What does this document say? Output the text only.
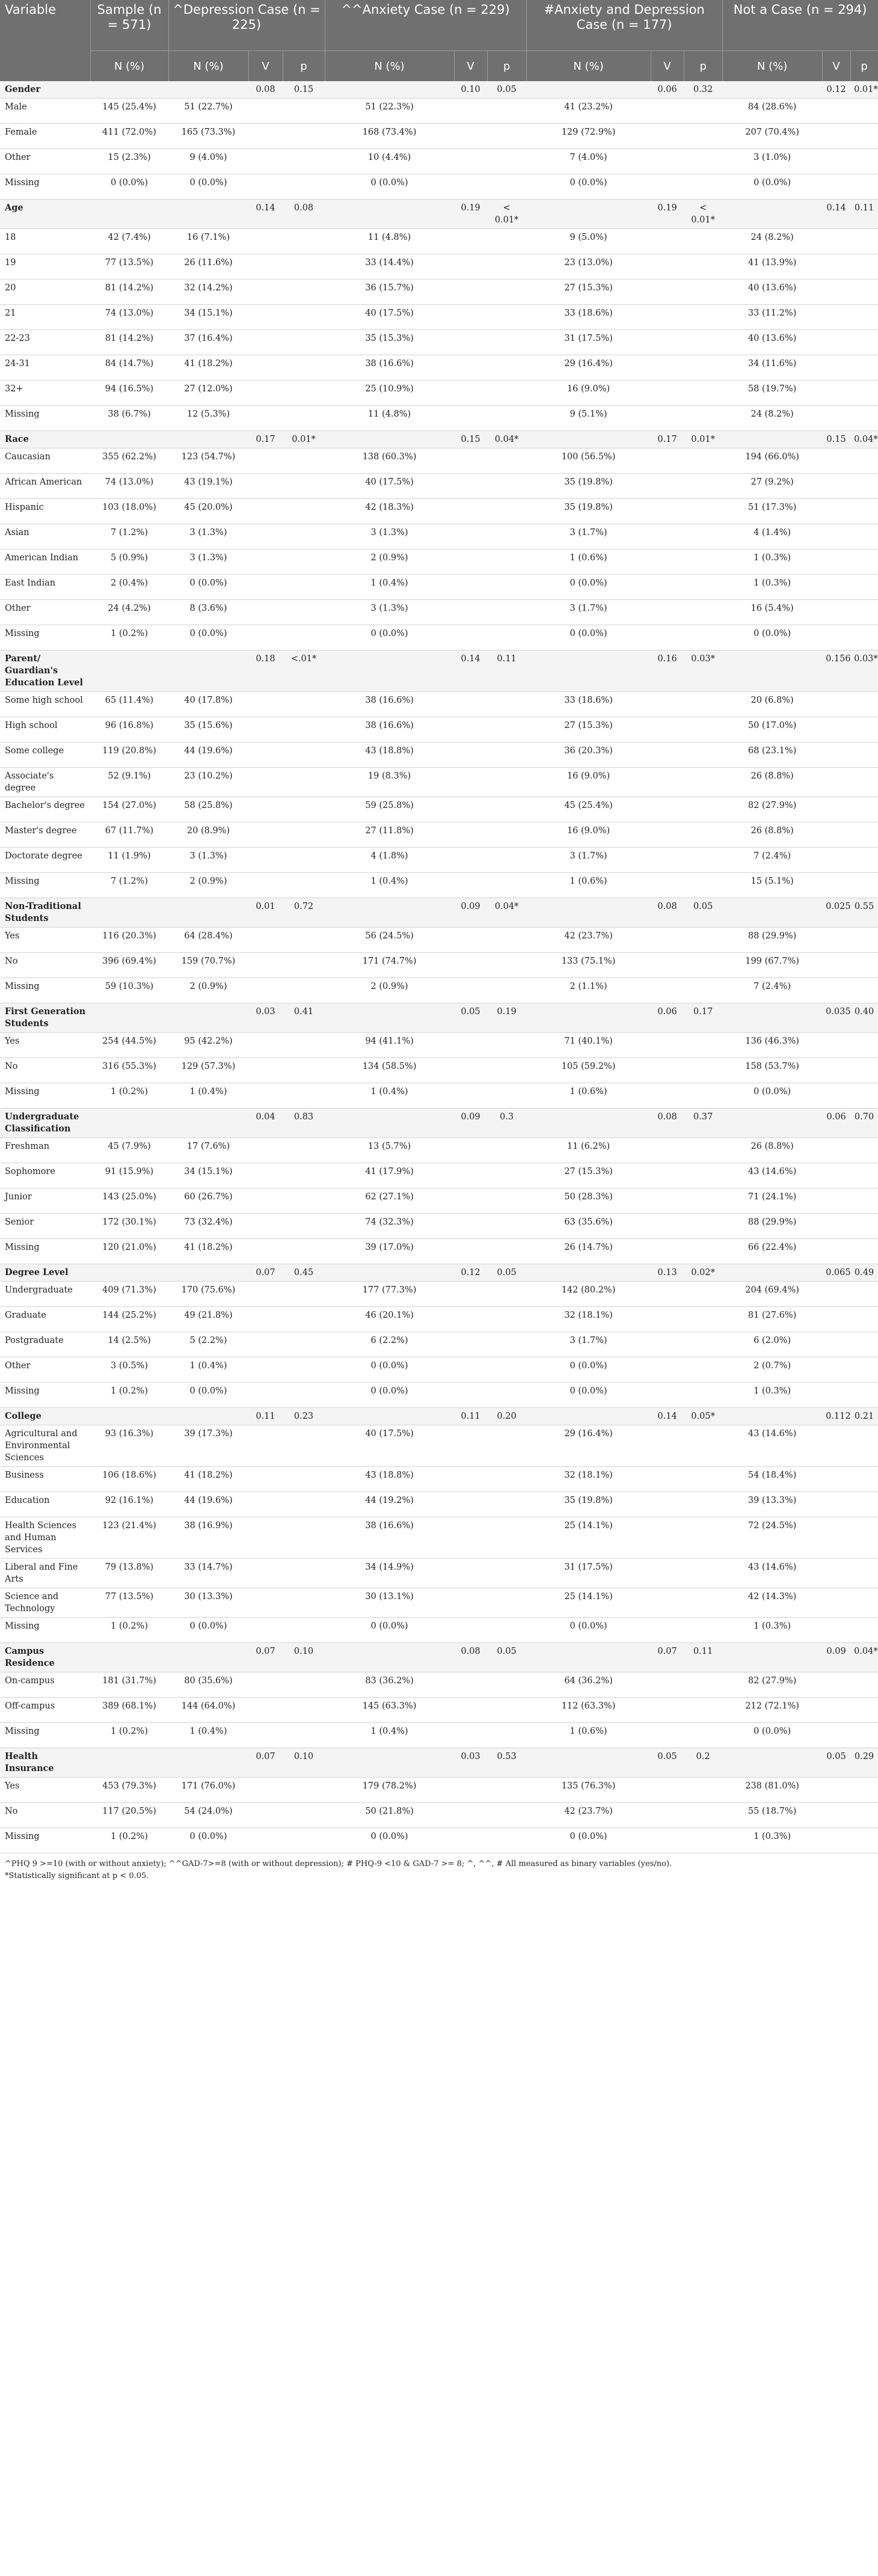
Variable	Sample (n = 571)	^Depression Case (n = 225)			^^Anxiety Case (n = 229)			#Anxiety and Depression Case (n = 177)			Not a Case (n = 294)		
	N (%)	N (%)	V	p	N (%)	V	p	N (%)	V	p	N (%)	V	p
Gender			0.08	0.15		0.10	0.05		0.06	0.32		0.12	0.01*
Male	145 (25.4%)	51 (22.7%)			51 (22.3%)			41 (23.2%)			84 (28.6%)		
Female	411 (72.0%)	165 (73.3%)			168 (73.4%)			129 (72.9%)			207 (70.4%)		
Other	15 (2.3%)	9 (4.0%)			10 (4.4%)			7 (4.0%)			3 (1.0%)		
Missing	0 (0.0%)	0 (0.0%)			0 (0.0%)			0 (0.0%)			0 (0.0%)		
Age			0.14	0.08		0.19	< 0.01*		0.19	< 0.01*		0.14	0.11
18	42 (7.4%)	16 (7.1%)			11 (4.8%)			9 (5.0%)			24 (8.2%)		
19	77 (13.5%)	26 (11.6%)			33 (14.4%)			23 (13.0%)			41 (13.9%)		
20	81 (14.2%)	32 (14.2%)			36 (15.7%)			27 (15.3%)			40 (13.6%)		
21	74 (13.0%)	34 (15.1%)			40 (17.5%)			33 (18.6%)			33 (11.2%)		
22-23	81 (14.2%)	37 (16.4%)			35 (15.3%)			31 (17.5%)			40 (13.6%)		
24-31	84 (14.7%)	41 (18.2%)			38 (16.6%)			29 (16.4%)			34 (11.6%)		
32+	94 (16.5%)	27 (12.0%)			25 (10.9%)			16 (9.0%)			58 (19.7%)		
Missing	38 (6.7%)	12 (5.3%)			11 (4.8%)			9 (5.1%)			24 (8.2%)		
Race			0.17	0.01*		0.15	0.04*		0.17	0.01*		0.15	0.04*
Caucasian	355 (62.2%)	123 (54.7%)			138 (60.3%)			100 (56.5%)			194 (66.0%)		
African American	74 (13.0%)	43 (19.1%)			40 (17.5%)			35 (19.8%)			27 (9.2%)		
Hispanic	103 (18.0%)	45 (20.0%)			42 (18.3%)			35 (19.8%)			51 (17.3%)		
Asian	7 (1.2%)	3 (1.3%)			3 (1.3%)			3 (1.7%)			4 (1.4%)		
American Indian	5 (0.9%)	3 (1.3%)			2 (0.9%)			1 (0.6%)			1 (0.3%)		
East Indian	2 (0.4%)	0 (0.0%)			1 (0.4%)			0 (0.0%)			1 (0.3%)		
Other	24 (4.2%)	8 (3.6%)			3 (1.3%)			3 (1.7%)			16 (5.4%)		
Missing	1 (0.2%)	0 (0.0%)			0 (0.0%)			0 (0.0%)			0 (0.0%)		
Parent/ Guardian's Education Level			0.18	<.01*		0.14	0.11		0.16	0.03*		0.156	0.03*
Some high school	65 (11.4%)	40 (17.8%)			38 (16.6%)			33 (18.6%)			20 (6.8%)		
High school	96 (16.8%)	35 (15.6%)			38 (16.6%)			27 (15.3%)			50 (17.0%)		
Some college	119 (20.8%)	44 (19.6%)			43 (18.8%)			36 (20.3%)			68 (23.1%)		
Associate's degree	52 (9.1%)	23 (10.2%)			19 (8.3%)			16 (9.0%)			26 (8.8%)		
Bachelor's degree	154 (27.0%)	58 (25.8%)			59 (25.8%)			45 (25.4%)			82 (27.9%)		
Master's degree	67 (11.7%)	20 (8.9%)			27 (11.8%)			16 (9.0%)			26 (8.8%)		
Doctorate degree	11 (1.9%)	3 (1.3%)			4 (1.8%)			3 (1.7%)			7 (2.4%)		
Missing	7 (1.2%)	2 (0.9%)			1 (0.4%)			1 (0.6%)			15 (5.1%)		
Non-Traditional Students			0.01	0.72		0.09	0.04*		0.08	0.05		0.025	0.55
Yes	116 (20.3%)	64 (28.4%)			56 (24.5%)			42 (23.7%)			88 (29.9%)		
No	396 (69.4%)	159 (70.7%)			171 (74.7%)			133 (75.1%)			199 (67.7%)		
Missing	59 (10.3%)	2 (0.9%)			2 (0.9%)			2 (1.1%)			7 (2.4%)		
First Generation Students			0.03	0.41		0.05	0.19		0.06	0.17		0.035	0.40
Yes	254 (44.5%)	95 (42.2%)			94 (41.1%)			71 (40.1%)			136 (46.3%)		
No	316 (55.3%)	129 (57.3%)			134 (58.5%)			105 (59.2%)			158 (53.7%)		
Missing	1 (0.2%)	1 (0.4%)			1 (0.4%)			1 (0.6%)			0 (0.0%)		
Undergraduate Classification			0.04	0.83		0.09	0.3		0.08	0.37		0.06	0.70
Freshman	45 (7.9%)	17 (7.6%)			13 (5.7%)			11 (6.2%)			26 (8.8%)		
Sophomore	91 (15.9%)	34 (15.1%)			41 (17.9%)			27 (15.3%)			43 (14.6%)		
Junior	143 (25.0%)	60 (26.7%)			62 (27.1%)			50 (28.3%)			71 (24.1%)		
Senior	172 (30.1%)	73 (32.4%)			74 (32.3%)			63 (35.6%)			88 (29.9%)		
Missing	120 (21.0%)	41 (18.2%)			39 (17.0%)			26 (14.7%)			66 (22.4%)		
Degree Level			0.07	0.45		0.12	0.05		0.13	0.02*		0.065	0.49
Undergraduate	409 (71.3%)	170 (75.6%)			177 (77.3%)			142 (80.2%)			204 (69.4%)		
Graduate	144 (25.2%)	49 (21.8%)			46 (20.1%)			32 (18.1%)			81 (27.6%)		
Postgraduate	14 (2.5%)	5 (2.2%)			6 (2.2%)			3 (1.7%)			6 (2.0%)		
Other	3 (0.5%)	1 (0.4%)			0 (0.0%)			0 (0.0%)			2 (0.7%)		
Missing	1 (0.2%)	0 (0.0%)			0 (0.0%)			0 (0.0%)			1 (0.3%)		
College			0.11	0.23		0.11	0.20		0.14	0.05*		0.112	0.21
Agricultural and Environmental Sciences	93 (16.3%)	39 (17.3%)			40 (17.5%)			29 (16.4%)			43 (14.6%)		
Business	106 (18.6%)	41 (18.2%)			43 (18.8%)			32 (18.1%)			54 (18.4%)		
Education	92 (16.1%)	44 (19.6%)			44 (19.2%)			35 (19.8%)			39 (13.3%)		
Health Sciences and Human Services	123 (21.4%)	38 (16.9%)			38 (16.6%)			25 (14.1%)			72 (24.5%)		
Liberal and Fine Arts	79 (13.8%)	33 (14.7%)			34 (14.9%)			31 (17.5%)			43 (14.6%)		
Science and Technology	77 (13.5%)	30 (13.3%)			30 (13.1%)			25 (14.1%)			42 (14.3%)		
Missing	1 (0.2%)	0 (0.0%)			0 (0.0%)			0 (0.0%)			1 (0.3%)		
Campus Residence			0.07	0.10		0.08	0.05		0.07	0.11		0.09	0.04*
On-campus	181 (31.7%)	80 (35.6%)			83 (36.2%)			64 (36.2%)			82 (27.9%)		
Off-campus	389 (68.1%)	144 (64.0%)			145 (63.3%)			112 (63.3%)			212 (72.1%)		
Missing	1 (0.2%)	1 (0.4%)			1 (0.4%)			1 (0.6%)			0 (0.0%)		
Health Insurance			0.07	0.10		0.03	0.53		0.05	0.2		0.05	0.29
Yes	453 (79.3%)	171 (76.0%)			179 (78.2%)			135 (76.3%)			238 (81.0%)		
No	117 (20.5%)	54 (24.0%)			50 (21.8%)			42 (23.7%)			55 (18.7%)		
Missing	1 (0.2%)	0 (0.0%)			0 (0.0%)			0 (0.0%)			1 (0.3%)		
^PHQ 9 >=10 (with or without anxiety); ^^GAD-7>=8 (with or without depression); # PHQ-9 <10 & GAD-7 >= 8; ^, ^^, # All measured as binary variables (yes/no).
*Statistically significant at p < 0.05.
